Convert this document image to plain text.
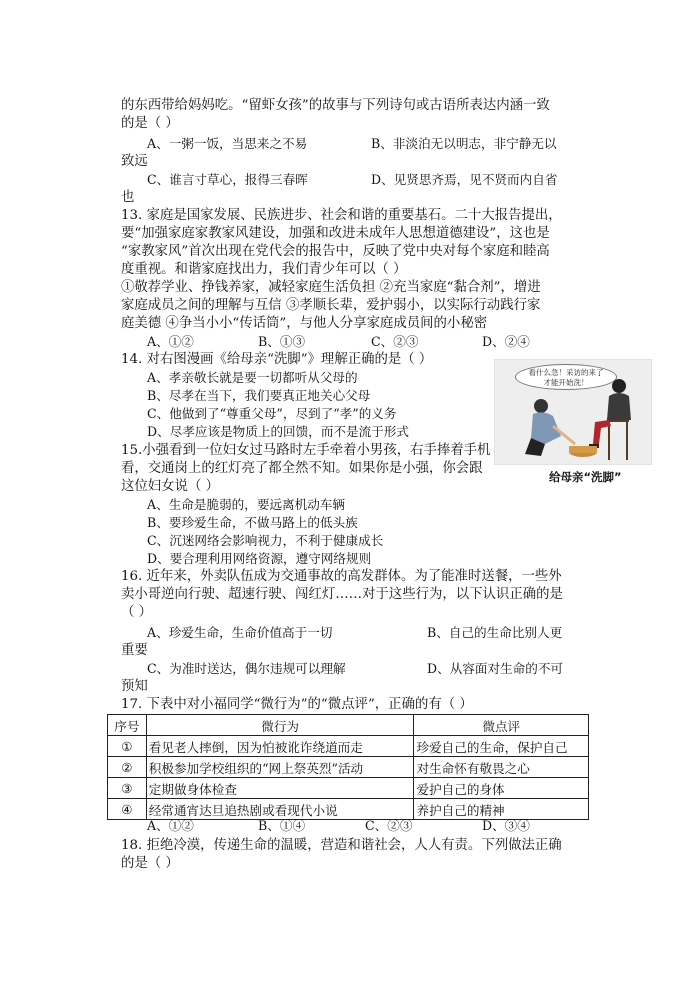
的东西带给妈妈吃。“留虾女孩”的故事与下列诗句或古语所表达内涵一致
的是（ ）
A、一粥一饭，当思来之不易	B、非淡泊无以明志，非宁静无以
致远
C、谁言寸草心，报得三春晖	D、见贤思齐焉，见不贤而内自省
也
13. 家庭是国家发展、民族进步、社会和谐的重要基石。二十大报告提出，
要“加强家庭家教家风建设，加强和改进未成年人思想道德建设”，这也是
“家教家风”首次出现在党代会的报告中，反映了党中央对每个家庭和睦高
度重视。和谐家庭找出力，我们青少年可以（ ）
①敬荐学业、挣钱养家，减轻家庭生活负担 ②充当家庭“黏合剂”，增进
家庭成员之间的理解与互信 ③孝顺长辈，爱护弱小，以实际行动践行家
庭美德 ④争当小小“传话筒”，与他人分享家庭成员间的小秘密
A、①②	B、①③	C、②③	D、②④
14. 对右图漫画《给母亲“洗脚”》理解正确的是（ ）
A、孝亲敬长就是要一切都听从父母的
B、尽孝在当下，我们要真正地关心父母
C、他做到了“尊重父母”，尽到了“孝”的义务
D、尽孝应该是物质上的回馈，而不是流于形式
看什么急！采访的来了
才能开始洗！
给母亲“洗脚”
15.小强看到一位妇女过马路时左手牵着小男孩，右手捧着手机
看，交通岗上的红灯亮了都全然不知。如果你是小强，你会跟
这位妇女说（ ）
A、生命是脆弱的，要远离机动车辆
B、要珍爱生命，不做马路上的低头族
C、沉迷网络会影响视力，不利于健康成长
D、要合理利用网络资源，遵守网络规则
16. 近年来，外卖队伍成为交通事故的高发群体。为了能准时送餐，一些外
卖小哥逆向行驶、超速行驶、闯红灯……对于这些行为，以下认识正确的是
（ ）
A、珍爱生命，生命价值高于一切	B、自己的生命比别人更
重要
C、为准时送达，偶尔违规可以理解	D、从容面对生命的不可
预知
17. 下表中对小福同学“微行为”的“微点评”，正确的有（ ）
序号	微行为	微点评
①	看见老人摔倒，因为怕被讹诈绕道而走	珍爱自己的生命，保护自己
②	积极参加学校组织的“网上祭英烈”活动	对生命怀有敬畏之心
③	定期做身体检查	爱护自己的身体
④	经常通宵达旦追热剧或看现代小说	养护自己的精神
A、①②	B、①④	C、②③	D、③④
18. 拒绝冷漠，传递生命的温暖，营造和谐社会，人人有责。下列做法正确
的是（ ）
